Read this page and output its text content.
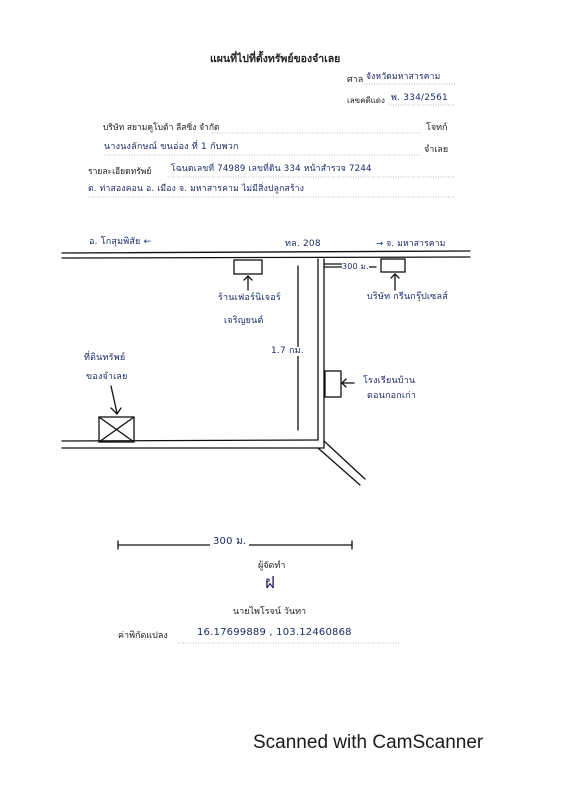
แผนที่ไปที่ตั้งทรัพย์ของจำเลย
ศาล จังหวัดมหาสารคาม
เลขคดีแดง พ. 334/2561
บริษัท สยามคูโบต้า ลีสซิ่ง จำกัด	โจทก์
นางนงลักษณ์ ขนอ่อง ที่ 1 กับพวก	จำเลย
รายละเอียดทรัพย์ โฉนดเลขที่ 74989 เลขที่ดิน 334 หน้าสำรวจ 7244
ต. ท่าสองคอน อ. เมือง จ. มหาสารคาม ไม่มีสิ่งปลูกสร้าง
อ. โกสุมพิสัย ←	ทล. 208	→ จ. มหาสารคาม
300 ม.
ร้านเฟอร์นิเจอร์
เจริญยนต์
บริษัท กรีนกรุ๊ปเซลส์
1.7 กม.
โรงเรียนบ้าน
ดอนกอกเก่า
ที่ดินทรัพย์
ของจำเลย
300 ม.
ผู้จัดทำ
ฝ
นายไพโรจน์ วันทา
ค่าพิกัดแปลง	16.17699889 , 103.12460868
Scanned with CamScanner
